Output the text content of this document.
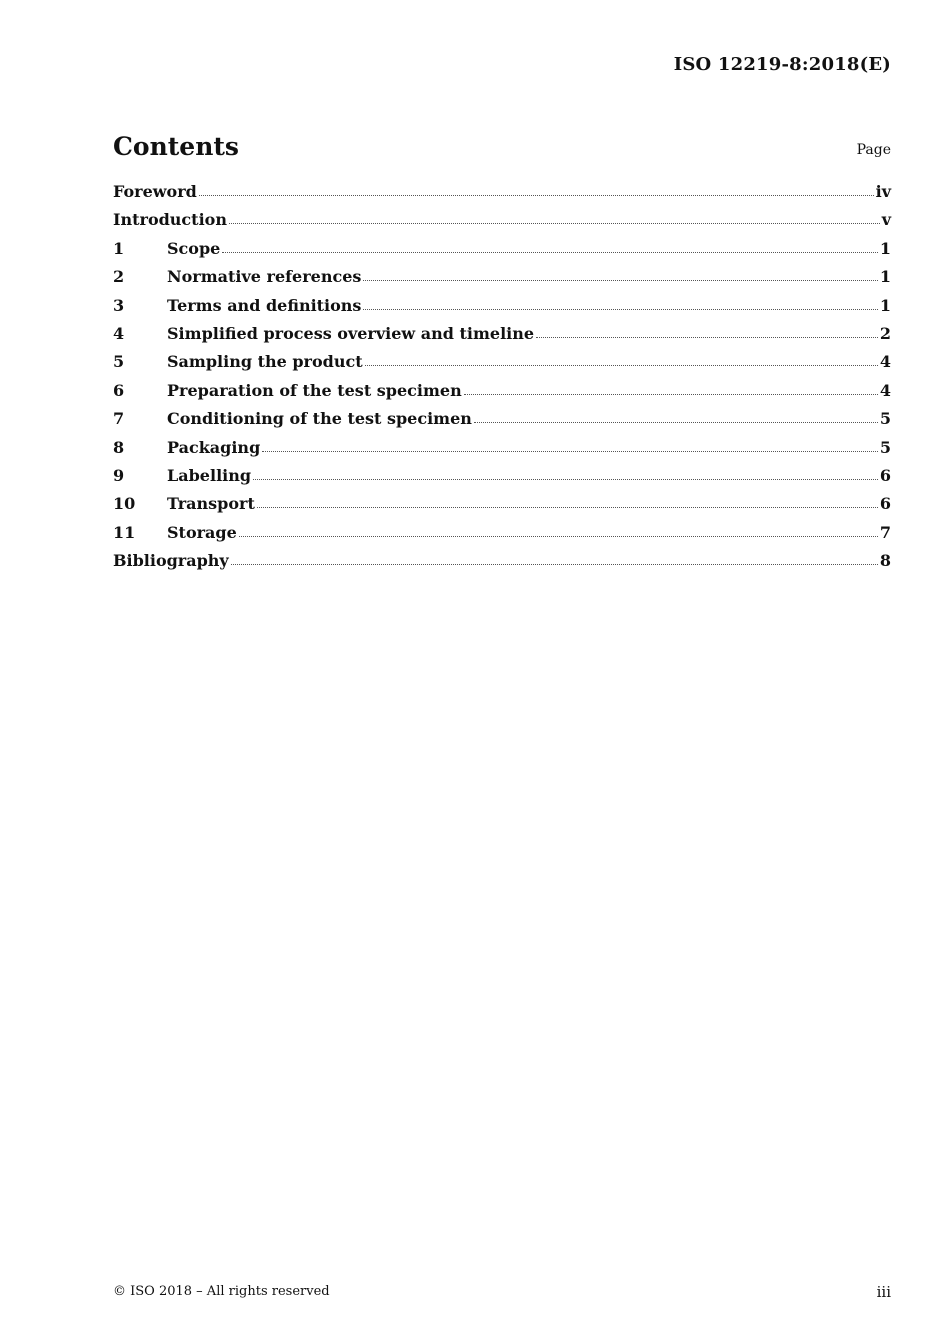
ISO 12219-8:2018(E)
Contents	Page
Foreword	iv
Introduction	v
1	Scope	1
2	Normative references	1
3	Terms and definitions	1
4	Simplified process overview and timeline	2
5	Sampling the product	4
6	Preparation of the test specimen	4
7	Conditioning of the test specimen	5
8	Packaging	5
9	Labelling	6
10	Transport	6
11	Storage	7
Bibliography	8
© ISO 2018 – All rights reserved	iii
